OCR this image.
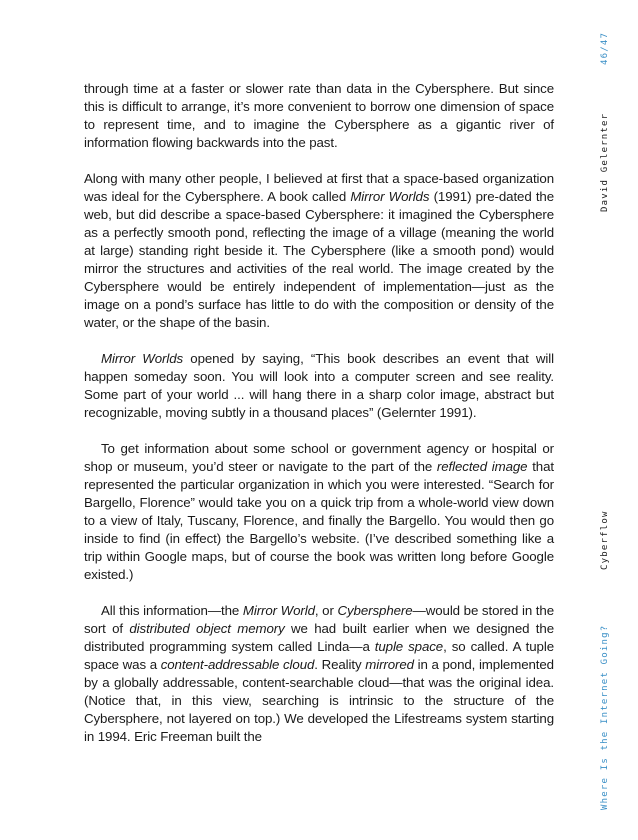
through time at a faster or slower rate than data in the Cybersphere. But since this is difficult to arrange, it’s more convenient to borrow one dimension of space to represent time, and to imagine the Cybersphere as a gigantic river of information flowing backwards into the past.

Along with many other people, I believed at first that a space-based organization was ideal for the Cybersphere. A book called Mirror Worlds (1991) pre-dated the web, but did describe a space-based Cybersphere: it imagined the Cybersphere as a perfectly smooth pond, reflecting the image of a village (meaning the world at large) standing right beside it. The Cybersphere (like a smooth pond) would mirror the structures and activities of the real world. The image created by the Cybersphere would be entirely independent of implementation—just as the image on a pond’s surface has little to do with the composition or density of the water, or the shape of the basin.

Mirror Worlds opened by saying, “This book describes an event that will happen someday soon. You will look into a computer screen and see reality. Some part of your world ... will hang there in a sharp color image, abstract but recognizable, moving subtly in a thousand places” (Gelernter 1991).

To get information about some school or government agency or hospital or shop or museum, you’d steer or navigate to the part of the reflected image that represented the particular organization in which you were interested. “Search for Bargello, Florence” would take you on a quick trip from a whole-world view down to a view of Italy, Tuscany, Florence, and finally the Bargello. You would then go inside to find (in effect) the Bargello’s website. (I’ve described something like a trip within Google maps, but of course the book was written long before Google existed.)

All this information—the Mirror World, or Cybersphere—would be stored in the sort of distributed object memory we had built earlier when we designed the distributed programming system called Linda—a tuple space, so called. A tuple space was a content-addressable cloud. Reality mirrored in a pond, implemented by a globally addressable, content-searchable cloud—that was the original idea. (Notice that, in this view, searching is intrinsic to the structure of the Cybersphere, not layered on top.) We developed the Lifestreams system starting in 1994. Eric Freeman built the

46/47
David Gelernter
Cyberflow
Where Is the Internet Going?
